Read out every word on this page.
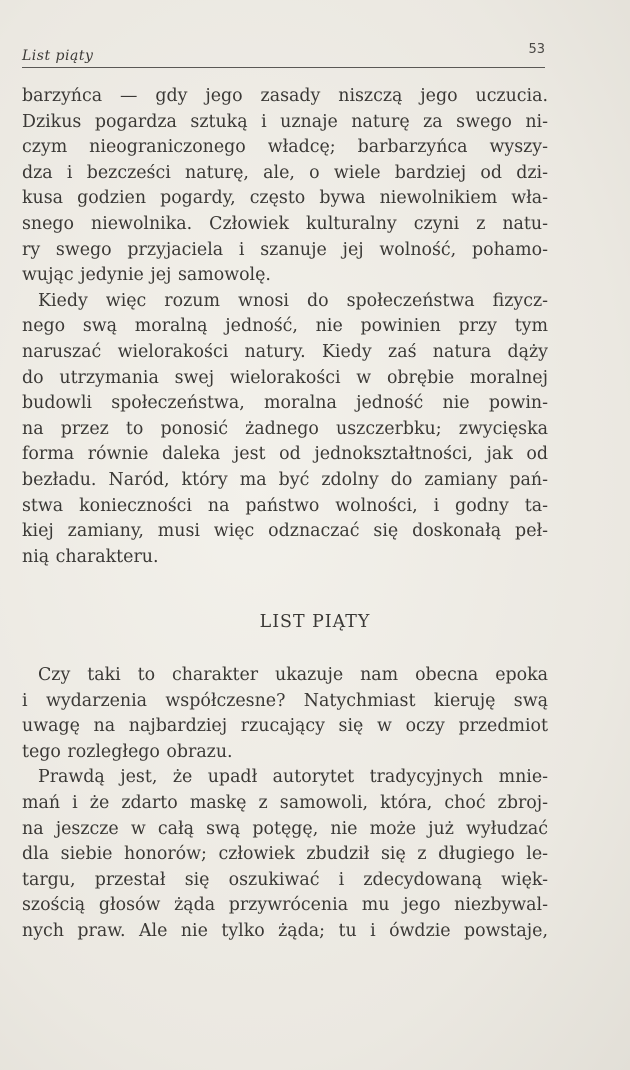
List piąty	53
barzyńca — gdy jego zasady niszczą jego uczucia.
Dzikus pogardza sztuką i uznaje naturę za swego ni-
czym nieograniczonego władcę; barbarzyńca wyszy-
dza i bezcześci naturę, ale, o wiele bardziej od dzi-
kusa godzien pogardy, często bywa niewolnikiem wła-
snego niewolnika. Człowiek kulturalny czyni z natu-
ry swego przyjaciela i szanuje jej wolność, pohamo-
wując jedynie jej samowolę.
Kiedy więc rozum wnosi do społeczeństwa fizycz-
nego swą moralną jedność, nie powinien przy tym
naruszać wielorakości natury. Kiedy zaś natura dąży
do utrzymania swej wielorakości w obrębie moralnej
budowli społeczeństwa, moralna jedność nie powin-
na przez to ponosić żadnego uszczerbku; zwycięska
forma równie daleka jest od jednokształtności, jak od
bezładu. Naród, który ma być zdolny do zamiany pań-
stwa konieczności na państwo wolności, i godny ta-
kiej zamiany, musi więc odznaczać się doskonałą peł-
nią charakteru.
LIST PIĄTY
Czy taki to charakter ukazuje nam obecna epoka
i wydarzenia współczesne? Natychmiast kieruję swą
uwagę na najbardziej rzucający się w oczy przedmiot
tego rozległego obrazu.
Prawdą jest, że upadł autorytet tradycyjnych mnie-
mań i że zdarto maskę z samowoli, która, choć zbroj-
na jeszcze w całą swą potęgę, nie może już wyłudzać
dla siebie honorów; człowiek zbudził się z długiego le-
targu, przestał się oszukiwać i zdecydowaną więk-
szością głosów żąda przywrócenia mu jego niezbywal-
nych praw. Ale nie tylko żąda; tu i ówdzie powstaje,
